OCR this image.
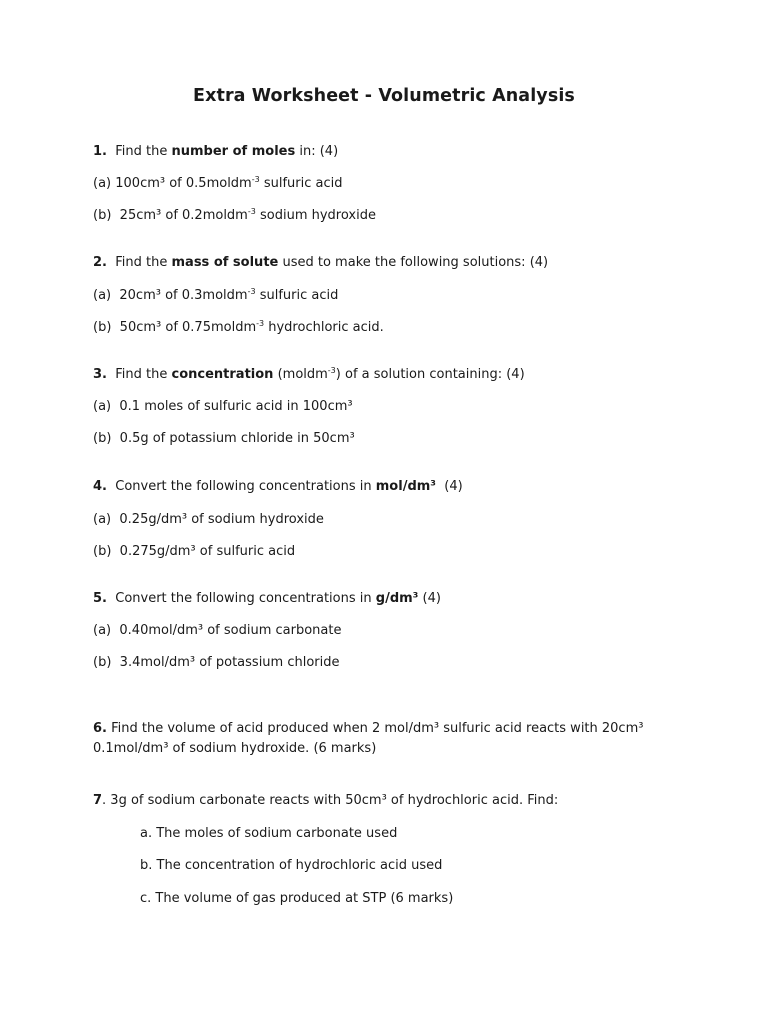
Extra Worksheet - Volumetric Analysis
1. Find the number of moles in: (4)
(a) 100cm³ of 0.5moldm$^{-3}$ sulfuric acid
(b) 25cm³ of 0.2moldm$^{-3}$ sodium hydroxide
2. Find the mass of solute used to make the following solutions: (4)
(a) 20cm³ of 0.3moldm$^{-3}$ sulfuric acid
(b) 50cm³ of 0.75moldm$^{-3}$ hydrochloric acid.
3. Find the concentration (moldm$^{-3}$) of a solution containing: (4)
(a) 0.1 moles of sulfuric acid in 100cm³
(b) 0.5g of potassium chloride in 50cm³
4. Convert the following concentrations in mol/dm³ (4)
(a) 0.25g/dm³ of sodium hydroxide
(b) 0.275g/dm³ of sulfuric acid
5. Convert the following concentrations in g/dm³ (4)
(a) 0.40mol/dm³ of sodium carbonate
(b) 3.4mol/dm³ of potassium chloride
6. Find the volume of acid produced when 2 mol/dm³ sulfuric acid reacts with 20cm³
0.1mol/dm³ of sodium hydroxide. (6 marks)
7. 3g of sodium carbonate reacts with 50cm³ of hydrochloric acid. Find:
a. The moles of sodium carbonate used
b. The concentration of hydrochloric acid used
c. The volume of gas produced at STP (6 marks)
